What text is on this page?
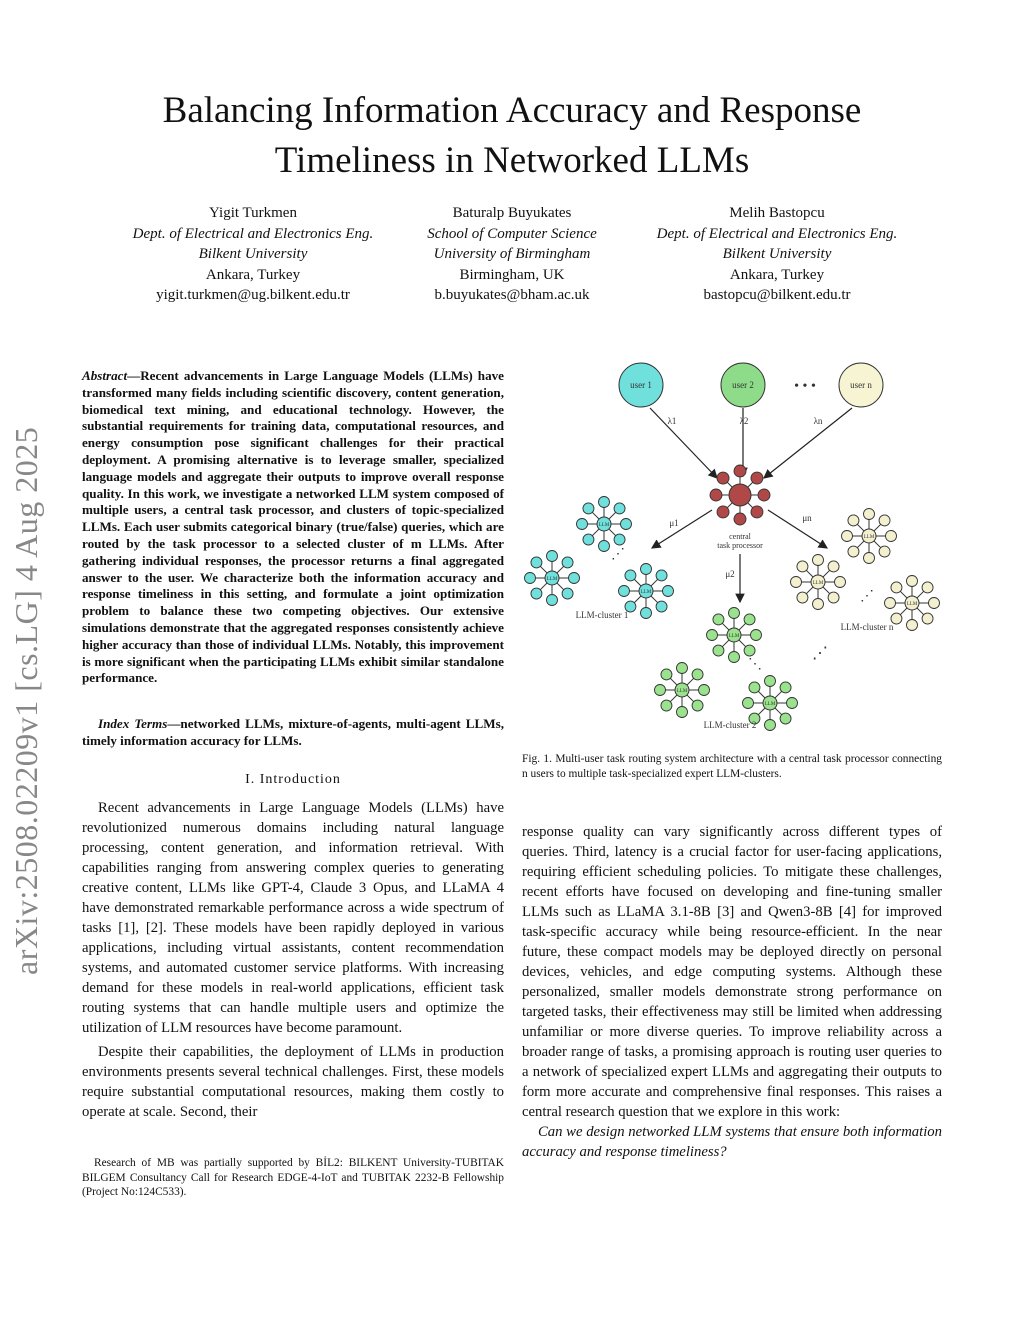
Balancing Information Accuracy and Response
Timeliness in Networked LLMs
Yigit Turkmen
Dept. of Electrical and Electronics Eng.
Bilkent University
Ankara, Turkey
yigit.turkmen@ug.bilkent.edu.tr
Baturalp Buyukates
School of Computer Science
University of Birmingham
Birmingham, UK
b.buyukates@bham.ac.uk
Melih Bastopcu
Dept. of Electrical and Electronics Eng.
Bilkent University
Ankara, Turkey
bastopcu@bilkent.edu.tr
arXiv:2508.02209v1 [cs.LG] 4 Aug 2025
Abstract—Recent advancements in Large Language Models (LLMs) have transformed many fields including scientific discovery, content generation, biomedical text mining, and educational technology. However, the substantial requirements for training data, computational resources, and energy consumption pose significant challenges for their practical deployment. A promising alternative is to leverage smaller, specialized language models and aggregate their outputs to improve overall response quality. In this work, we investigate a networked LLM system composed of multiple users, a central task processor, and clusters of topic-specialized LLMs. Each user submits categorical binary (true/false) queries, which are routed by the task processor to a selected cluster of m LLMs. After gathering individual responses, the processor returns a final aggregated answer to the user. We characterize both the information accuracy and response timeliness in this setting, and formulate a joint optimization problem to balance these two competing objectives. Our extensive simulations demonstrate that the aggregated responses consistently achieve higher accuracy than those of individual LLMs. Notably, this improvement is more significant when the participating LLMs exhibit similar standalone performance.
Index Terms—networked LLMs, mixture-of-agents, multi-agent LLMs, timely information accuracy for LLMs.
I. Introduction

Recent advancements in Large Language Models (LLMs) have revolutionized numerous domains including natural language processing, content generation, and information retrieval. With capabilities ranging from answering complex queries to generating creative content, LLMs like GPT-4, Claude 3 Opus, and LLaMA 4 have demonstrated remarkable performance across a wide spectrum of tasks [1], [2]. These models have been rapidly deployed in various applications, including virtual assistants, content recommendation systems, and automated customer service platforms. With increasing demand for these models in real-world applications, efficient task routing systems that can handle multiple users and optimize the utilization of LLM resources have become paramount.

Despite their capabilities, the deployment of LLMs in production environments presents several technical challenges. First, these models require substantial computational resources, making them costly to operate at scale. Second, their

Research of MB was partially supported by BİL2: BILKENT University-TUBITAK BILGEM Consultancy Call for Research EDGE-4-IoT and TUBITAK 2232-B Fellowship (Project No:124C533).
user 1	user 2	• • •	user n
λ1	λ2	λn
central
task processor
μ1
μ2
μn
LLM
LLM
LLM
⋰
LLM-cluster 1
LLM
LLM
LLM
⋱
LLM-cluster 2
LLM
LLM
LLM
⋰
LLM-cluster n
⋰
Fig. 1. Multi-user task routing system architecture with a central task processor connecting n users to multiple task-specialized expert LLM-clusters.

response quality can vary significantly across different types of queries. Third, latency is a crucial factor for user-facing applications, requiring efficient scheduling policies. To mitigate these challenges, recent efforts have focused on developing and fine-tuning smaller LLMs such as LLaMA 3.1-8B [3] and Qwen3-8B [4] for improved task-specific accuracy while being resource-efficient. In the near future, these compact models may be deployed directly on personal devices, vehicles, and edge computing systems. Although these personalized, smaller models demonstrate strong performance on targeted tasks, their effectiveness may still be limited when addressing unfamiliar or more diverse queries. To improve reliability across a broader range of tasks, a promising approach is routing user queries to a network of specialized expert LLMs and aggregating their outputs to form more accurate and comprehensive final responses. This raises a central research question that we explore in this work:

Can we design networked LLM systems that ensure both information accuracy and response timeliness?
